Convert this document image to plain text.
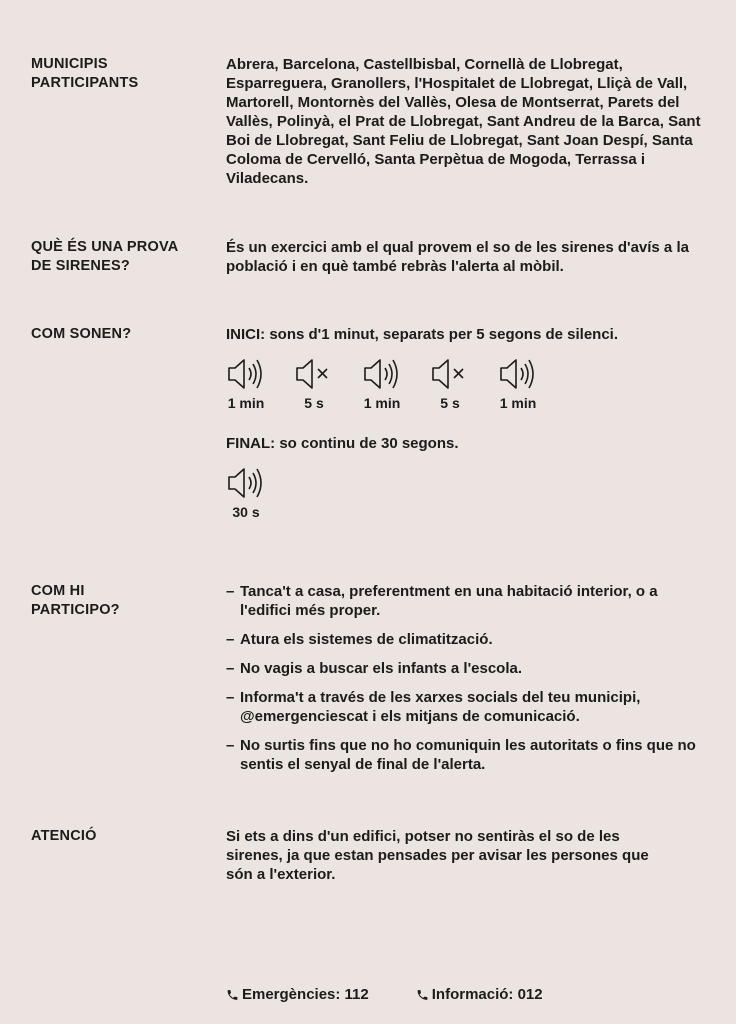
MUNICIPIS
PARTICIPANTS
Abrera, Barcelona, Castellbisbal, Cornellà de Llobregat, Esparreguera, Granollers, l'Hospitalet de Llobregat, Lliçà de Vall, Martorell, Montornès del Vallès, Olesa de Montserrat, Parets del Vallès, Polinyà, el Prat de Llobregat, Sant Andreu de la Barca, Sant Boi de Llobregat, Sant Feliu de Llobregat, Sant Joan Despí, Santa Coloma de Cervelló, Santa Perpètua de Mogoda, Terrassa i Viladecans.
QUÈ ÉS UNA PROVA
DE SIRENES?
És un exercici amb el qual provem el so de les sirenes d'avís a la població i en què també rebràs l'alerta al mòbil.
COM SONEN?	INICI: sons d'1 minut, separats per 5 segons de silenci.
1 min	5 s	1 min	5 s	1 min
FINAL: so continu de 30 segons.
30 s
COM HI
PARTICIPO?
– Tanca't a casa, preferentment en una habitació interior, o a l'edifici més proper.
– Atura els sistemes de climatització.
– No vagis a buscar els infants a l'escola.
– Informa't a través de les xarxes socials del teu municipi, @emergenciescat i els mitjans de comunicació.
– No surtis fins que no ho comuniquin les autoritats o fins que no sentis el senyal de final de l'alerta.
ATENCIÓ	Si ets a dins d'un edifici, potser no sentiràs el so de les sirenes, ja que estan pensades per avisar les persones que són a l'exterior.
Emergències: 112	Informació: 012
